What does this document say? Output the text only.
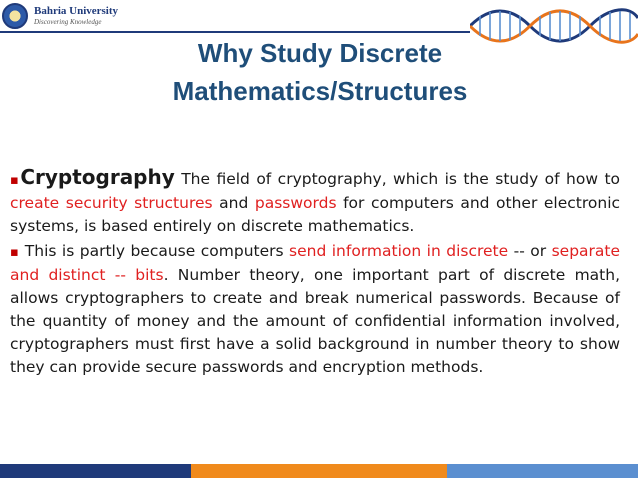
Bahria University
Discovering Knowledge
Why Study Discrete
Mathematics/Structures

▪Cryptography The field of cryptography, which is the study of how to create security structures and passwords for computers and other electronic systems, is based entirely on discrete mathematics.

▪ This is partly because computers send information in discrete -- or separate and distinct -- bits. Number theory, one important part of discrete math, allows cryptographers to create and break numerical passwords. Because of the quantity of money and the amount of confidential information involved, cryptographers must first have a solid background in number theory to show they can provide secure passwords and encryption methods.
